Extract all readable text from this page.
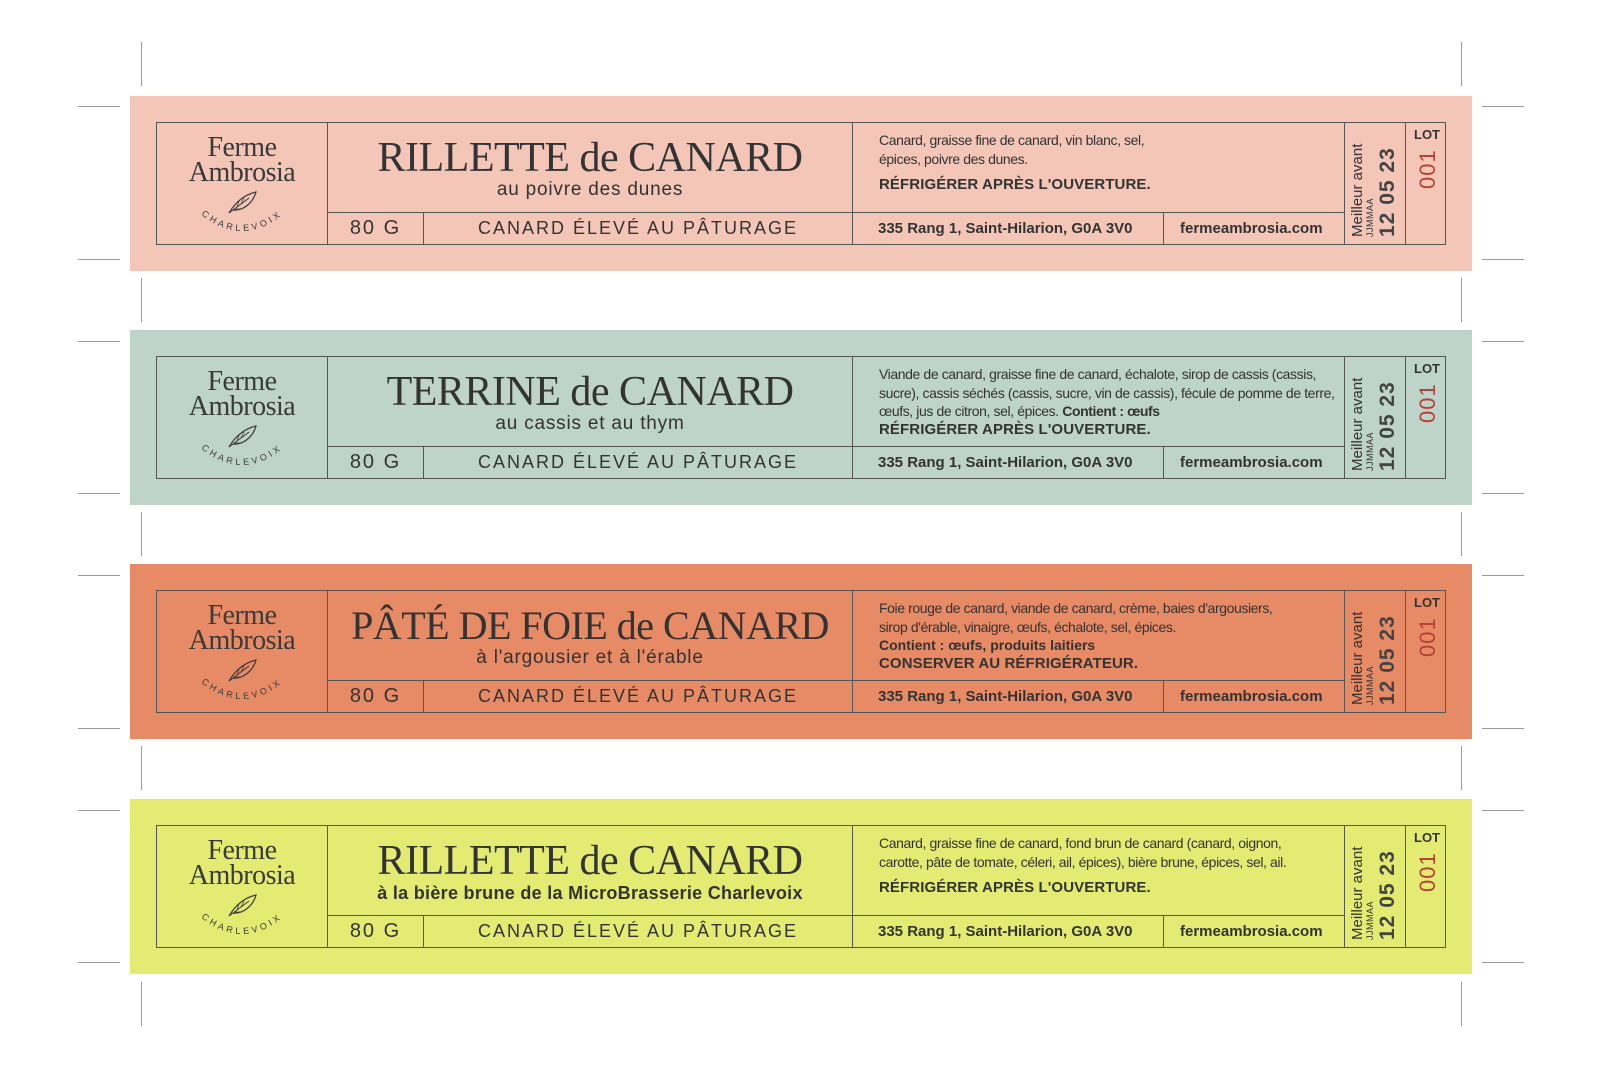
Ferme
Ambrosia
CHARLEVOIX
RILLETTE de CANARD
au poivre des dunes
80 G	CANARD ÉLEVÉ AU PÂTURAGE
Canard, graisse fine de canard, vin blanc, sel, épices, poivre des dunes.
RÉFRIGÉRER APRÈS L'OUVERTURE.
335 Rang 1, Saint-Hilarion, G0A 3V0	fermeambrosia.com	Meilleur avant JJMMAA 12 05 23
LOT
001
Ferme
Ambrosia
CHARLEVOIX
TERRINE de CANARD
au cassis et au thym
80 G	CANARD ÉLEVÉ AU PÂTURAGE
Viande de canard, graisse fine de canard, échalote, sirop de cassis (cassis, sucre), cassis séchés (cassis, sucre, vin de cassis), fécule de pomme de terre, œufs, jus de citron, sel, épices. Contient : œufs
RÉFRIGÉRER APRÈS L'OUVERTURE.
335 Rang 1, Saint-Hilarion, G0A 3V0	fermeambrosia.com	Meilleur avant JJMMAA 12 05 23
LOT
001
Ferme
Ambrosia
CHARLEVOIX
PÂTÉ DE FOIE de CANARD
à l'argousier et à l'érable
80 G	CANARD ÉLEVÉ AU PÂTURAGE
Foie rouge de canard, viande de canard, crème, baies d'argousiers, sirop d'érable, vinaigre, œufs, échalote, sel, épices.
Contient : œufs, produits laitiers
CONSERVER AU RÉFRIGÉRATEUR.
335 Rang 1, Saint-Hilarion, G0A 3V0	fermeambrosia.com	Meilleur avant JJMMAA 12 05 23
LOT
001
Ferme
Ambrosia
CHARLEVOIX
RILLETTE de CANARD
à la bière brune de la MicroBrasserie Charlevoix
80 G	CANARD ÉLEVÉ AU PÂTURAGE
Canard, graisse fine de canard, fond brun de canard (canard, oignon, carotte, pâte de tomate, céleri, ail, épices), bière brune, épices, sel, ail.
RÉFRIGÉRER APRÈS L'OUVERTURE.
335 Rang 1, Saint-Hilarion, G0A 3V0	fermeambrosia.com	Meilleur avant JJMMAA 12 05 23
LOT
001
